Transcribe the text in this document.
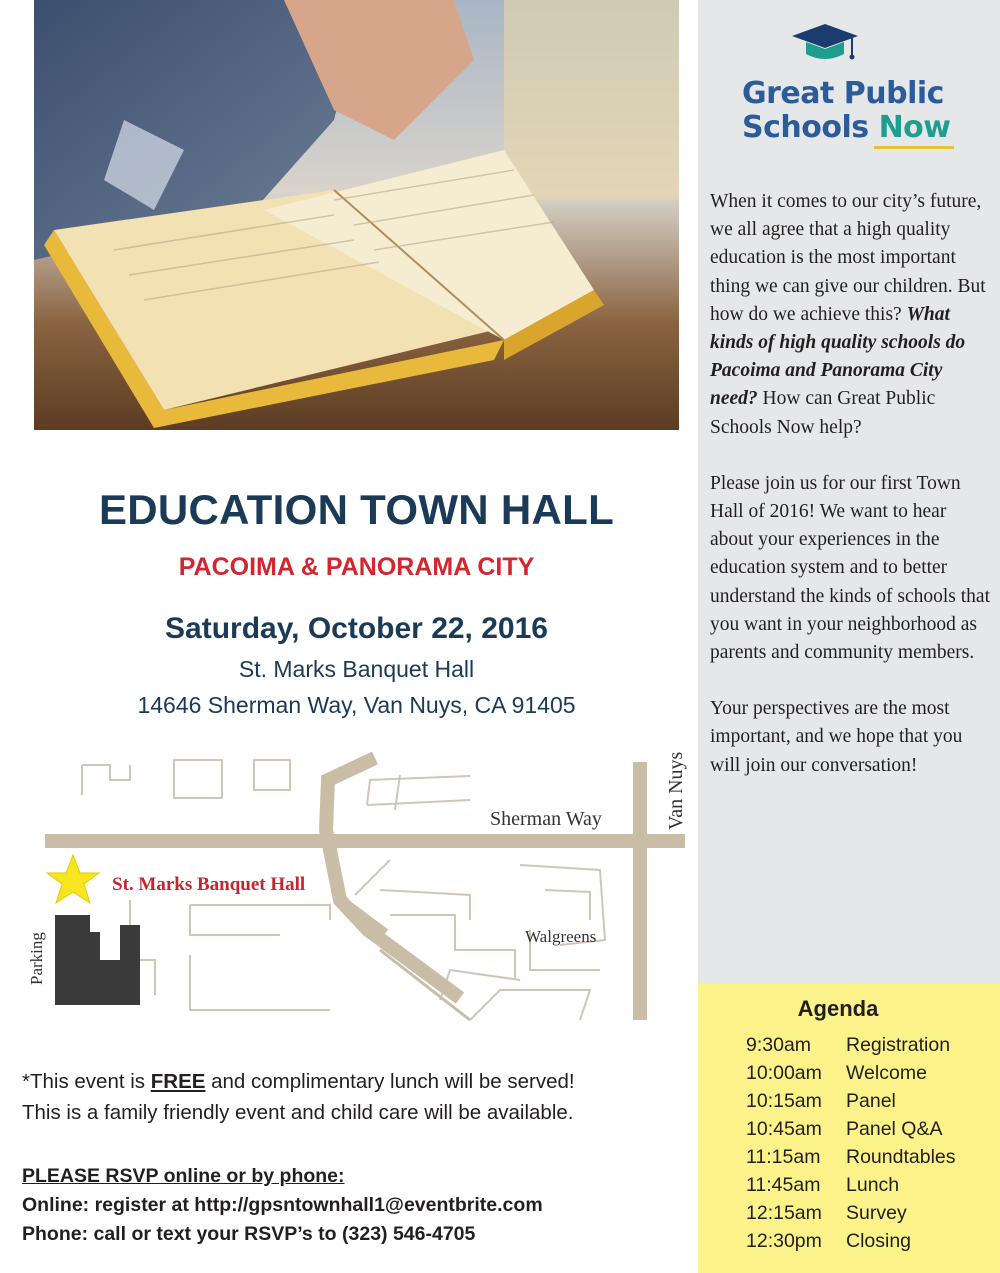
Great Public
Schools Now

When it comes to our city’s future, we all agree that a high quality education is the most important thing we can give our children. But how do we achieve this? What kinds of high quality schools do Pacoima and Panorama City need? How can Great Public Schools Now help?

Please join us for our first Town Hall of 2016! We want to hear about your experiences in the education system and to better understand the kinds of schools that you want in your neighborhood as parents and community members.

Your perspectives are the most important, and we hope that you will join our conversation!

Agenda
9:30am Registration
10:00am Welcome
10:15am Panel
10:45am Panel Q&A
11:15am Roundtables
11:45am Lunch
12:15am Survey
12:30pm Closing
EDUCATION TOWN HALL
PACOIMA & PANORAMA CITY
Saturday, October 22, 2016
St. Marks Banquet Hall
14646 Sherman Way, Van Nuys, CA 91405
Sherman Way	Van Nuys
St. Marks Banquet Hall
Walgreens
Parking
*This event is FREE and complimentary lunch will be served!
This is a family friendly event and child care will be available.
PLEASE RSVP online or by phone:
Online: register at http://gpsntownhall1@eventbrite.com
Phone: call or text your RSVP’s to (323) 546-4705
